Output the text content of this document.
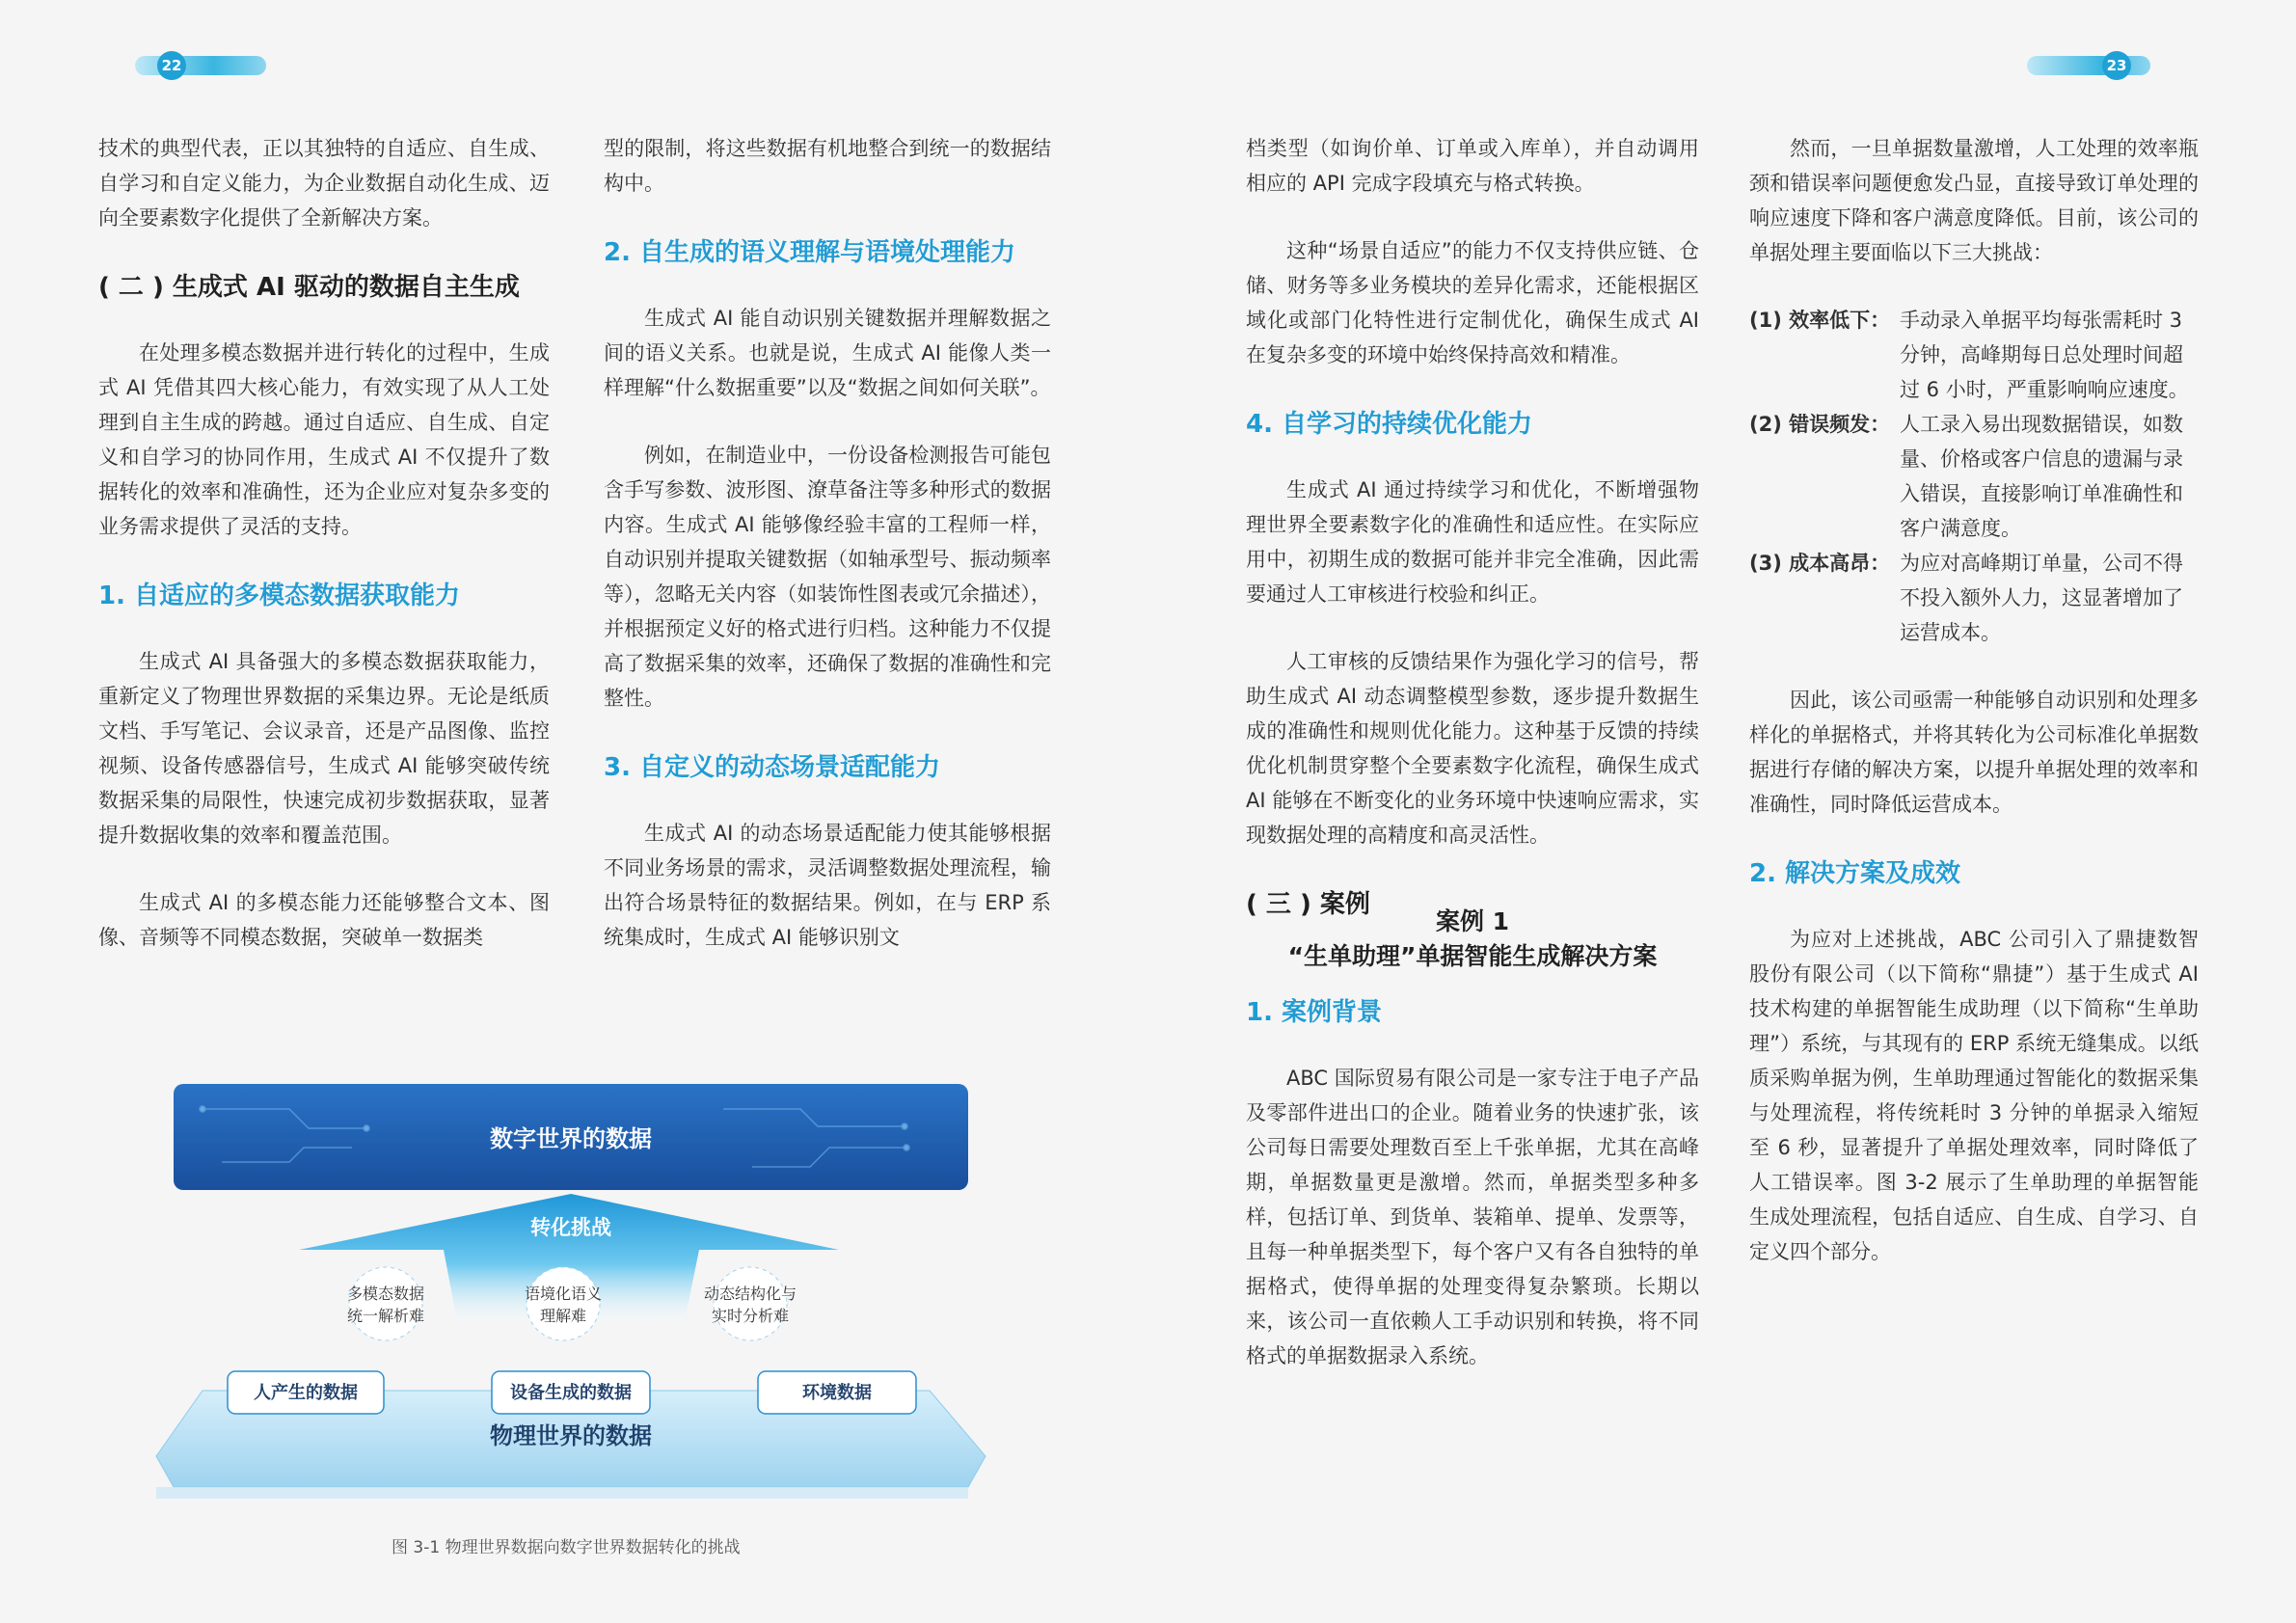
22

技术的典型代表，正以其独特的自适应、自生成、自学习和自定义能力，为企业数据自动化生成、迈向全要素数字化提供了全新解决方案。

( 二 ) 生成式 AI 驱动的数据自主生成

在处理多模态数据并进行转化的过程中，生成式 AI 凭借其四大核心能力，有效实现了从人工处理到自主生成的跨越。通过自适应、自生成、自定义和自学习的协同作用，生成式 AI 不仅提升了数据转化的效率和准确性，还为企业应对复杂多变的业务需求提供了灵活的支持。

1. 自适应的多模态数据获取能力

生成式 AI 具备强大的多模态数据获取能力，重新定义了物理世界数据的采集边界。无论是纸质文档、手写笔记、会议录音，还是产品图像、监控视频、设备传感器信号，生成式 AI 能够突破传统数据采集的局限性，快速完成初步数据获取，显著提升数据收集的效率和覆盖范围。

生成式 AI 的多模态能力还能够整合文本、图像、音频等不同模态数据，突破单一数据类

型的限制，将这些数据有机地整合到统一的数据结构中。

2. 自生成的语义理解与语境处理能力

生成式 AI 能自动识别关键数据并理解数据之间的语义关系。也就是说，生成式 AI 能像人类一样理解“什么数据重要”以及“数据之间如何关联”。

例如，在制造业中，一份设备检测报告可能包含手写参数、波形图、潦草备注等多种形式的数据内容。生成式 AI 能够像经验丰富的工程师一样，自动识别并提取关键数据（如轴承型号、振动频率等），忽略无关内容（如装饰性图表或冗余描述），并根据预定义好的格式进行归档。这种能力不仅提高了数据采集的效率，还确保了数据的准确性和完整性。

3. 自定义的动态场景适配能力

生成式 AI 的动态场景适配能力使其能够根据不同业务场景的需求，灵活调整数据处理流程，输出符合场景特征的数据结果。例如，在与 ERP 系统集成时，生成式 AI 能够识别文

数字世界的数据
转化挑战
多模态数据
统一解析难
语境化语义
理解难
动态结构化与
实时分析难
物理世界的数据
人产生的数据	设备生成的数据	环境数据
图 3-1 物理世界数据向数字世界数据转化的挑战
23

档类型（如询价单、订单或入库单），并自动调用相应的 API 完成字段填充与格式转换。

这种“场景自适应”的能力不仅支持供应链、仓储、财务等多业务模块的差异化需求，还能根据区域化或部门化特性进行定制优化，确保生成式 AI 在复杂多变的环境中始终保持高效和精准。

4. 自学习的持续优化能力

生成式 AI 通过持续学习和优化，不断增强物理世界全要素数字化的准确性和适应性。在实际应用中，初期生成的数据可能并非完全准确，因此需要通过人工审核进行校验和纠正。

人工审核的反馈结果作为强化学习的信号，帮助生成式 AI 动态调整模型参数，逐步提升数据生成的准确性和规则优化能力。这种基于反馈的持续优化机制贯穿整个全要素数字化流程，确保生成式 AI 能够在不断变化的业务环境中快速响应需求，实现数据处理的高精度和高灵活性。

( 三 ) 案例
案例 1
“生单助理”单据智能生成解决方案
1. 案例背景

ABC 国际贸易有限公司是一家专注于电子产品及零部件进出口的企业。随着业务的快速扩张，该公司每日需要处理数百至上千张单据，尤其在高峰期，单据数量更是激增。然而，单据类型多种多样，包括订单、到货单、装箱单、提单、发票等，且每一种单据类型下，每个客户又有各自独特的单据格式，使得单据的处理变得复杂繁琐。长期以来，该公司一直依赖人工手动识别和转换，将不同格式的单据数据录入系统。

然而，一旦单据数量激增，人工处理的效率瓶颈和错误率问题便愈发凸显，直接导致订单处理的响应速度下降和客户满意度降低。目前，该公司的单据处理主要面临以下三大挑战：

(1) 效率低下： 手动录入单据平均每张需耗时 3 分钟，高峰期每日总处理时间超过 6 小时，严重影响响应速度。
(2) 错误频发： 人工录入易出现数据错误，如数量、价格或客户信息的遗漏与录入错误，直接影响订单准确性和客户满意度。
(3) 成本高昂： 为应对高峰期订单量，公司不得不投入额外人力，这显著增加了运营成本。

因此，该公司亟需一种能够自动识别和处理多样化的单据格式，并将其转化为公司标准化单据数据进行存储的解决方案，以提升单据处理的效率和准确性，同时降低运营成本。

2. 解决方案及成效

为应对上述挑战，ABC 公司引入了鼎捷数智股份有限公司（以下简称“鼎捷”）基于生成式 AI 技术构建的单据智能生成助理（以下简称“生单助理”）系统，与其现有的 ERP 系统无缝集成。以纸质采购单据为例，生单助理通过智能化的数据采集与处理流程，将传统耗时 3 分钟的单据录入缩短至 6 秒，显著提升了单据处理效率，同时降低了人工错误率。图 3-2 展示了生单助理的单据智能生成处理流程，包括自适应、自生成、自学习、自定义四个部分。
